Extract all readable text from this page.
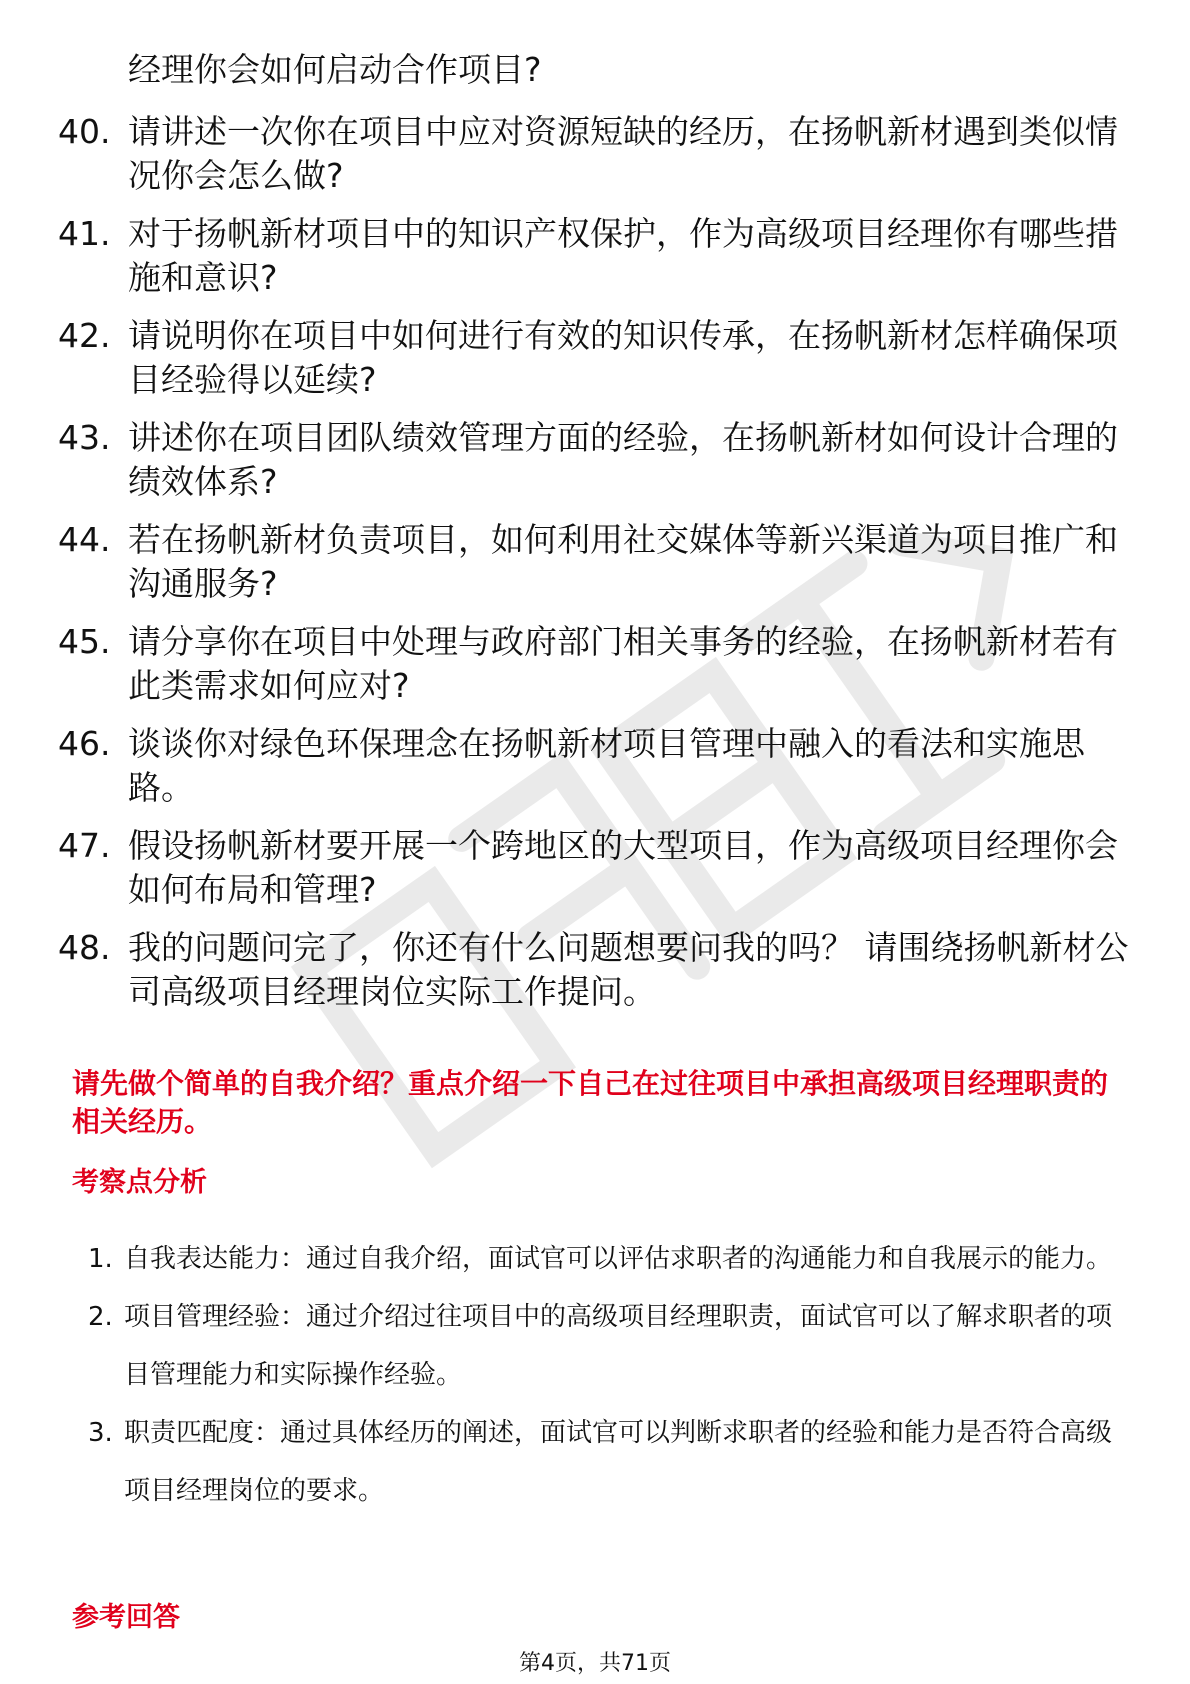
经理你会如何启动合作项目?
40. 请讲述一次你在项目中应对资源短缺的经历，在扬帆新材遇到类似情况你会怎么做?
41. 对于扬帆新材项目中的知识产权保护，作为高级项目经理你有哪些措施和意识?
42. 请说明你在项目中如何进行有效的知识传承，在扬帆新材怎样确保项目经验得以延续?
43. 讲述你在项目团队绩效管理方面的经验，在扬帆新材如何设计合理的绩效体系?
44. 若在扬帆新材负责项目，如何利用社交媒体等新兴渠道为项目推广和沟通服务?
45. 请分享你在项目中处理与政府部门相关事务的经验，在扬帆新材若有此类需求如何应对?
46. 谈谈你对绿色环保理念在扬帆新材项目管理中融入的看法和实施思路。
47. 假设扬帆新材要开展一个跨地区的大型项目，作为高级项目经理你会如何布局和管理?
48. 我的问题问完了，你还有什么问题想要问我的吗？ 请围绕扬帆新材公司高级项目经理岗位实际工作提问。

请先做个简单的自我介绍？重点介绍一下自己在过往项目中承担高级项目经理职责的相关经历。

考察点分析
1. 自我表达能力：通过自我介绍，面试官可以评估求职者的沟通能力和自我展示的能力。
2. 项目管理经验：通过介绍过往项目中的高级项目经理职责，面试官可以了解求职者的项目管理能力和实际操作经验。
3. 职责匹配度：通过具体经历的阐述，面试官可以判断求职者的经验和能力是否符合高级项目经理岗位的要求。
参考回答
第4页，共71页
